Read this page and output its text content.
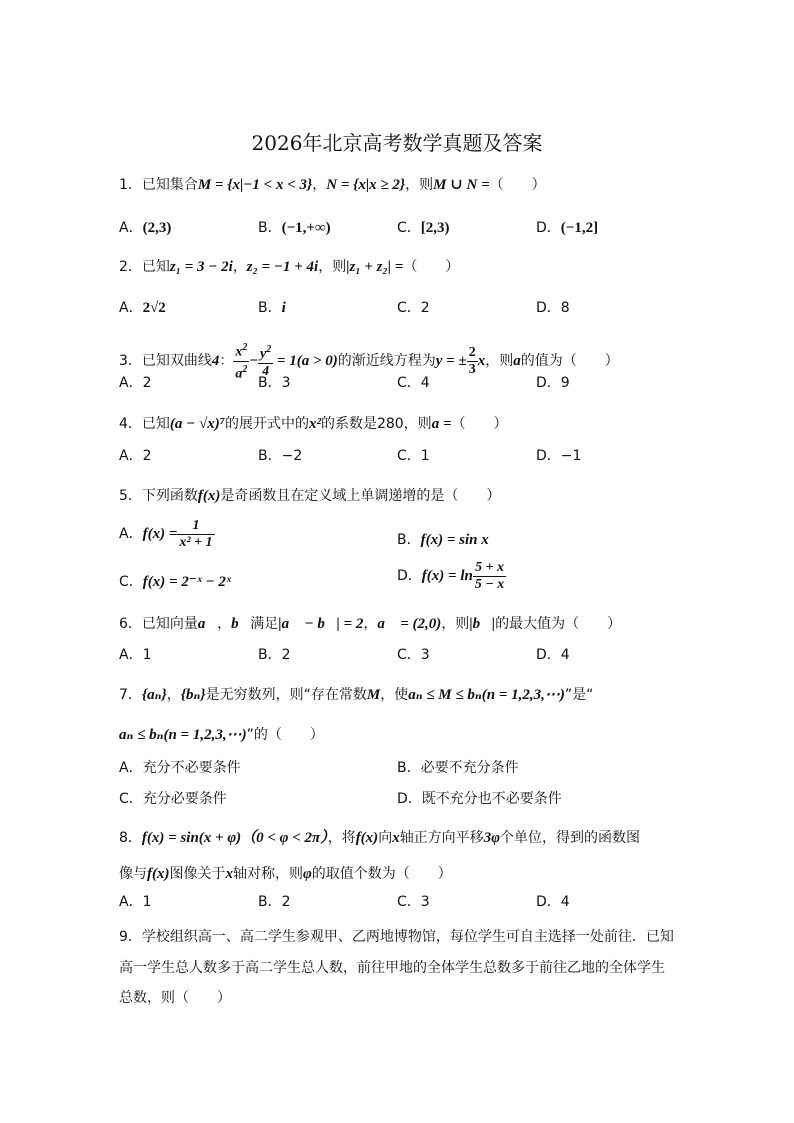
2026年北京高考数学真题及答案
1．已知集合M = {x|−1 < x < 3}，N = {x|x ≥ 2}，则M ∪ N =（　　）
A．(2,3)	B．(−1,+∞)	C．[2,3)	D．(−1,2]
2．已知z₁ = 3 − 2i，z₂ = −1 + 4i，则|z₁ + z₂| =（　　）
A．2√2	B．i	C．2	D．8
3．已知双曲线4： $\frac{x^2}{a^2} - \frac{y^2}{4} = 1(a > 0)$的渐近线方程为y = ± $\frac{2}{3}$ x，则a的值为（　　）
A．2	B．3	C．4	D．9
4．已知(a − √x)⁷的展开式中的x²的系数是280，则a =（　　）
A．2	B．−2	C．1	D．−1
5．下列函数f(x)是奇函数且在定义域上单调递增的是（　　）
A．$f(x) = \frac{1}{\text{x² + 1}}$	B．f(x) = sin x
C．f(x) = 2⁻ˣ − 2ˣ	D．$f(x) = \ln \frac{5 + x}{5 - x}$
6．已知向量a⃗，b⃗满足|a⃗ − b⃗| = 2，a⃗ = (2,0)，则|b⃗|的最大值为（　　）
A．1	B．2	C．3	D．4
7．{aₙ}，{bₙ}是无穷数列，则“存在常数M，使aₙ ≤ M ≤ bₙ(n = 1,2,3,⋯)”是“
aₙ ≤ bₙ(n = 1,2,3,⋯)”的（　　）
A．充分不必要条件	B．必要不充分条件
C．充分必要条件	D．既不充分也不必要条件
8．f(x) = sin(x + φ)（0 < φ < 2π），将f(x)向x轴正方向平移3φ个单位，得到的函数图
像与f(x)图像关于x轴对称，则φ的取值个数为（　　）
A．1	B．2	C．3	D．4
9．学校组织高一、高二学生参观甲、乙两地博物馆，每位学生可自主选择一处前往．已知
高一学生总人数多于高二学生总人数，前往甲地的全体学生总数多于前往乙地的全体学生
总数，则（　　）
